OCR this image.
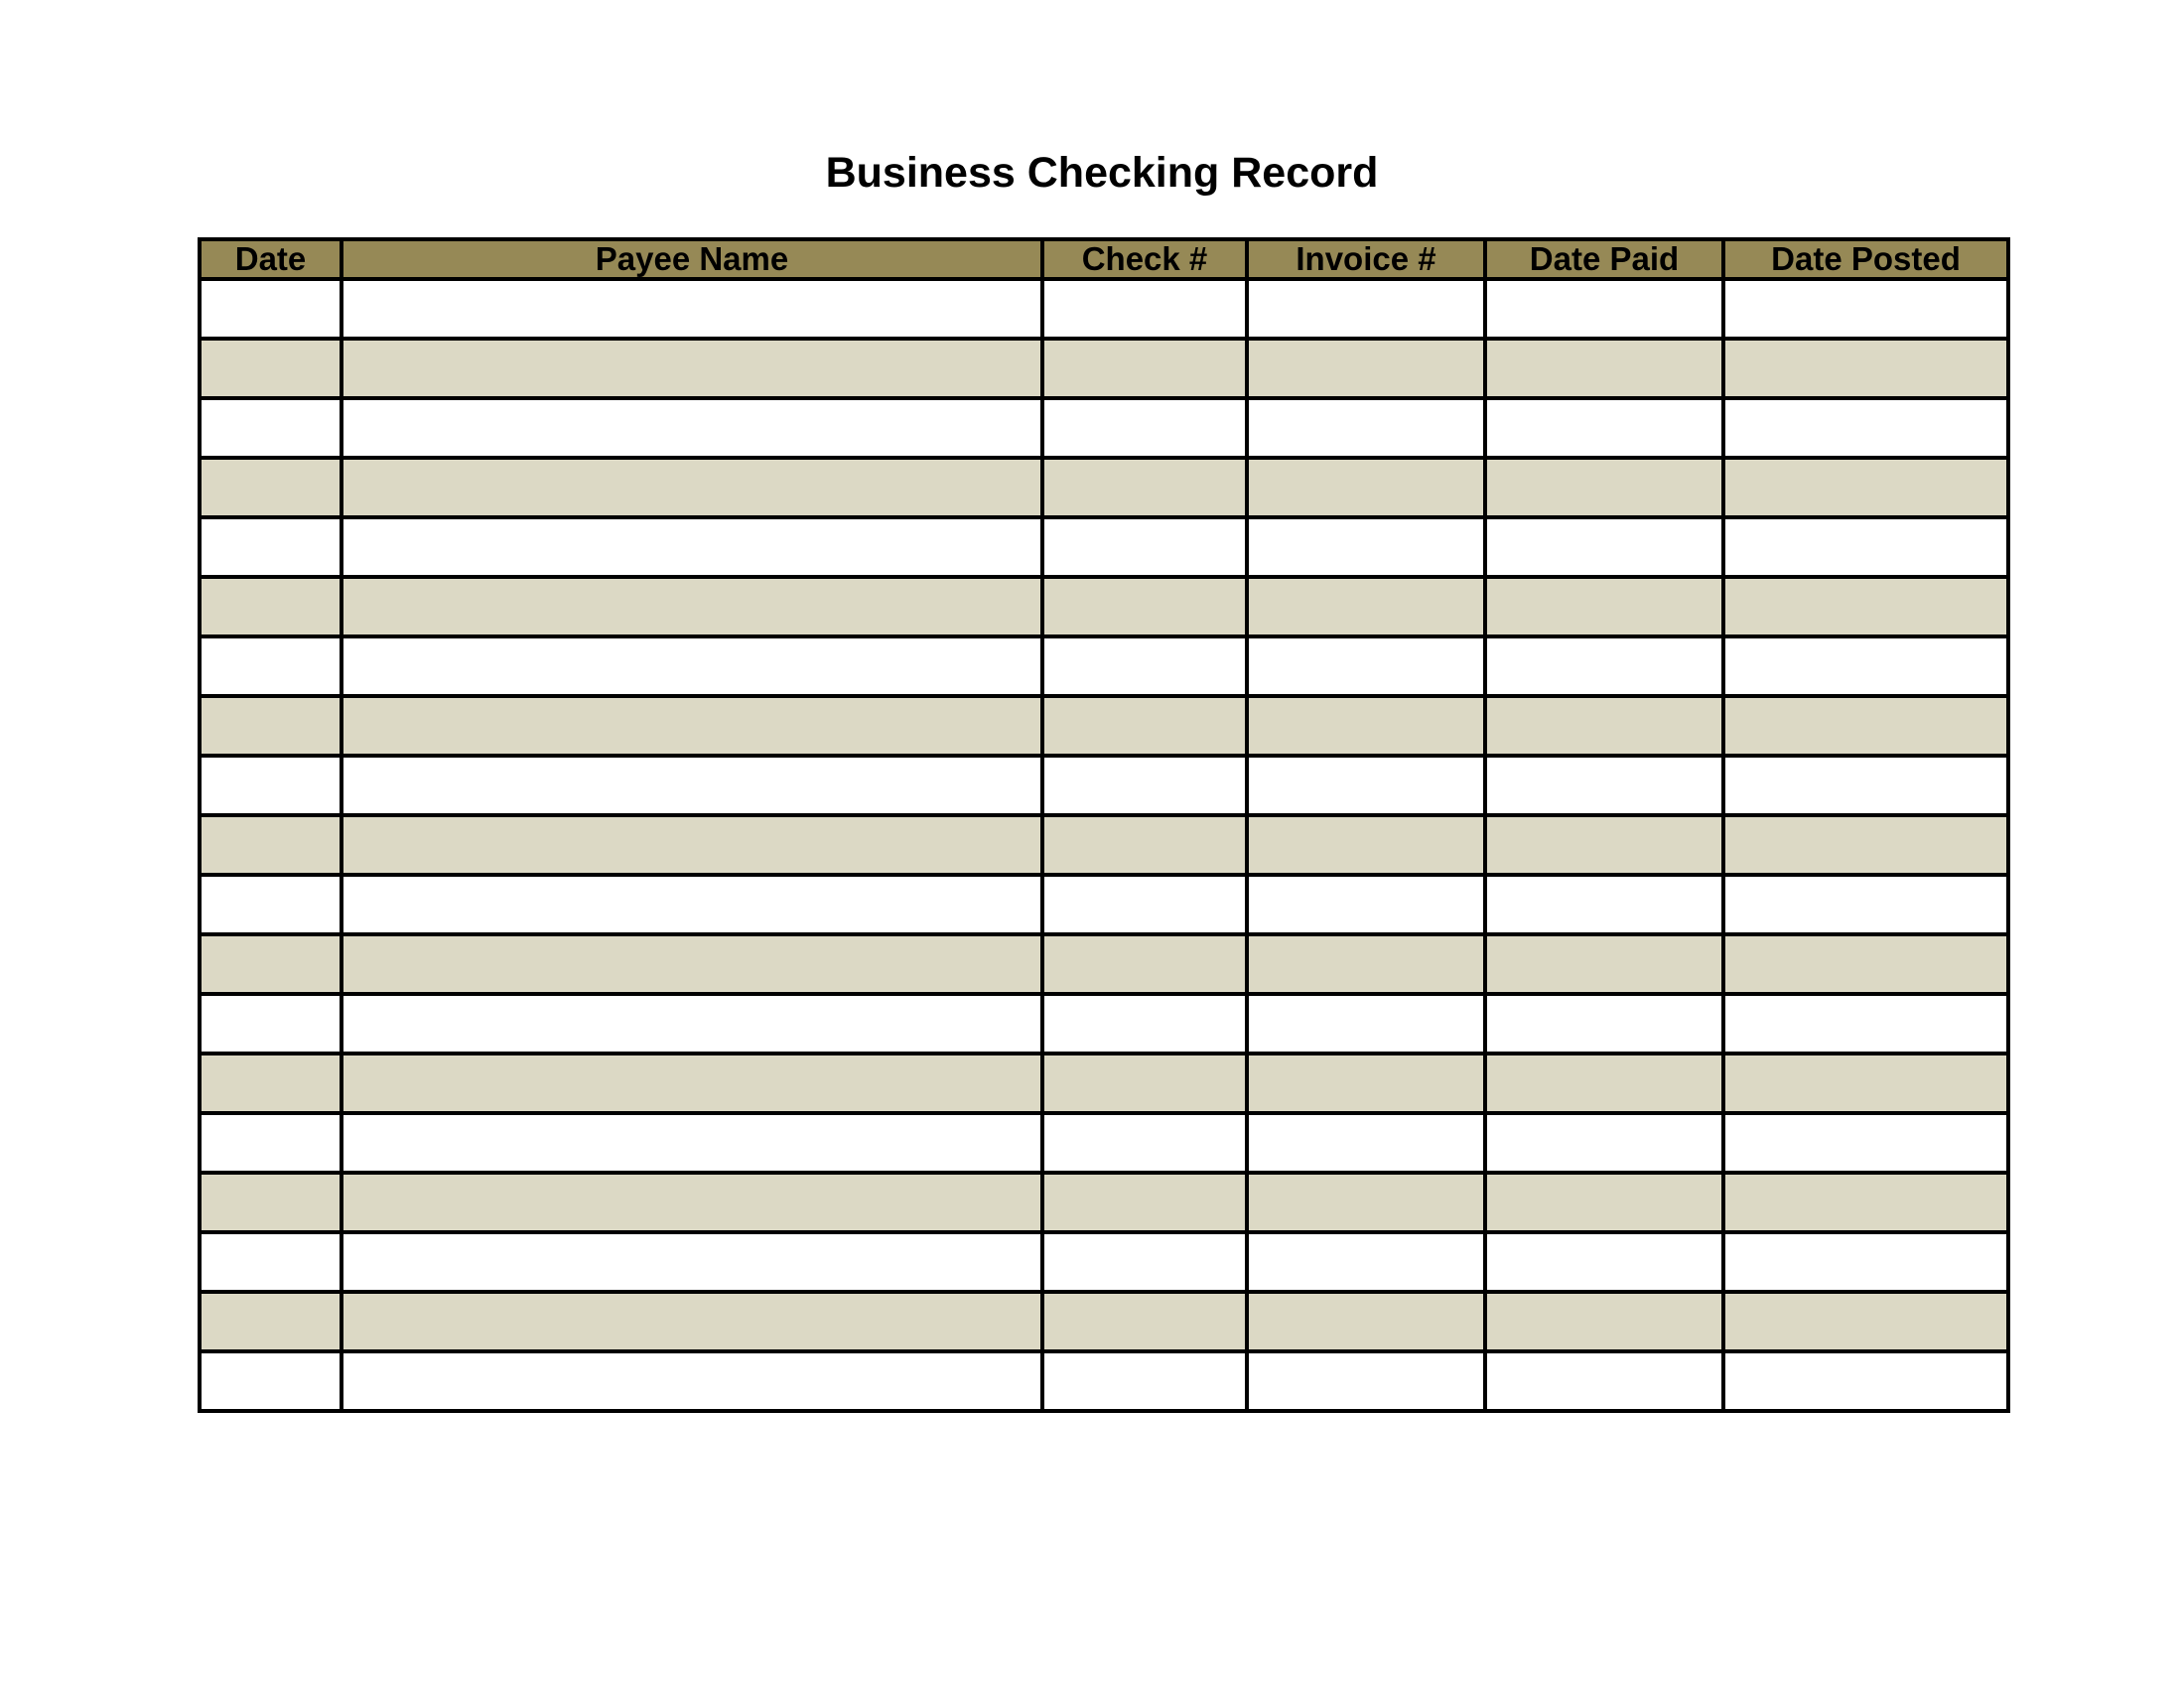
Business Checking Record
Date	Payee Name	Check #	Invoice #	Date Paid	Date Posted
